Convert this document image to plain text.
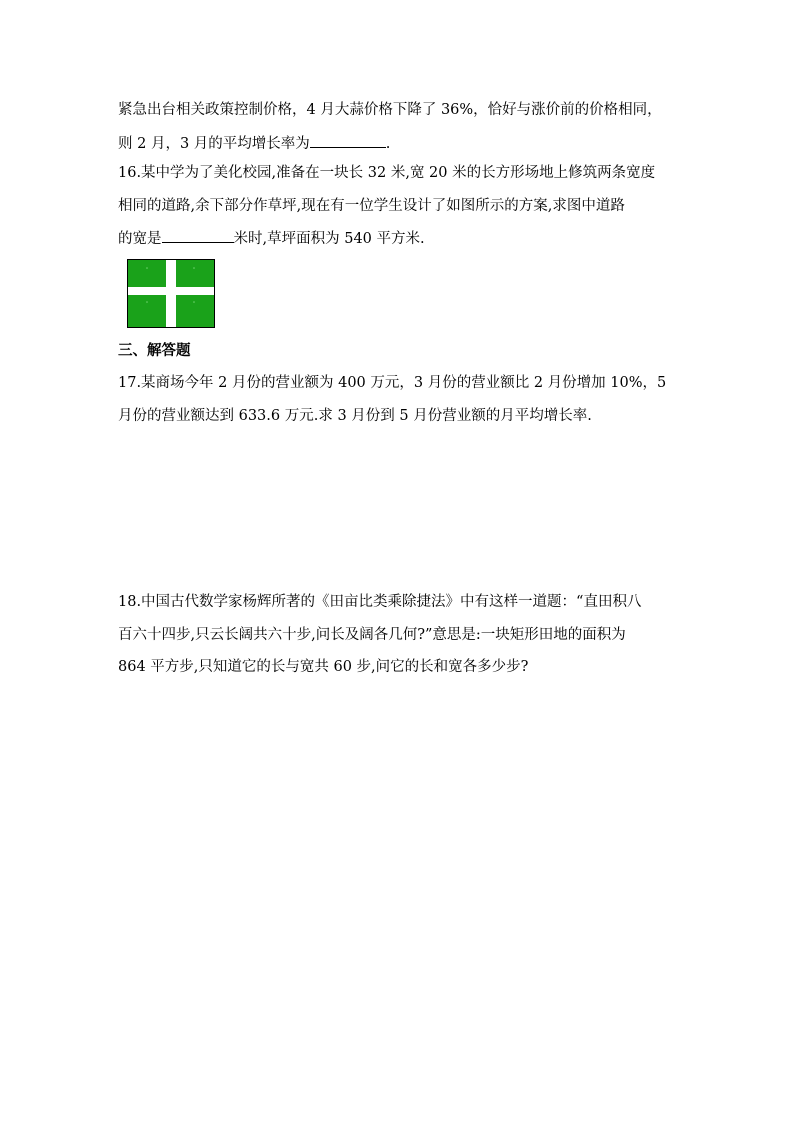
紧急出台相关政策控制价格，4 月大蒜价格下降了 36%，恰好与涨价前的价格相同，
则 2 月，3 月的平均增长率为	.
16.某中学为了美化校园,准备在一块长 32 米,宽 20 米的长方形场地上修筑两条宽度
相同的道路,余下部分作草坪,现在有一位学生设计了如图所示的方案,求图中道路
的宽是	米时,草坪面积为 540 平方米.
三、解答题
17.某商场今年 2 月份的营业额为 400 万元，3 月份的营业额比 2 月份增加 10%，5
月份的营业额达到 633.6 万元.求 3 月份到 5 月份营业额的月平均增长率.
18.中国古代数学家杨辉所著的《田亩比类乘除捷法》中有这样一道题：“直田积八
百六十四步,只云长阔共六十步,问长及阔各几何?”意思是:一块矩形田地的面积为
864 平方步,只知道它的长与宽共 60 步,问它的长和宽各多少步?
